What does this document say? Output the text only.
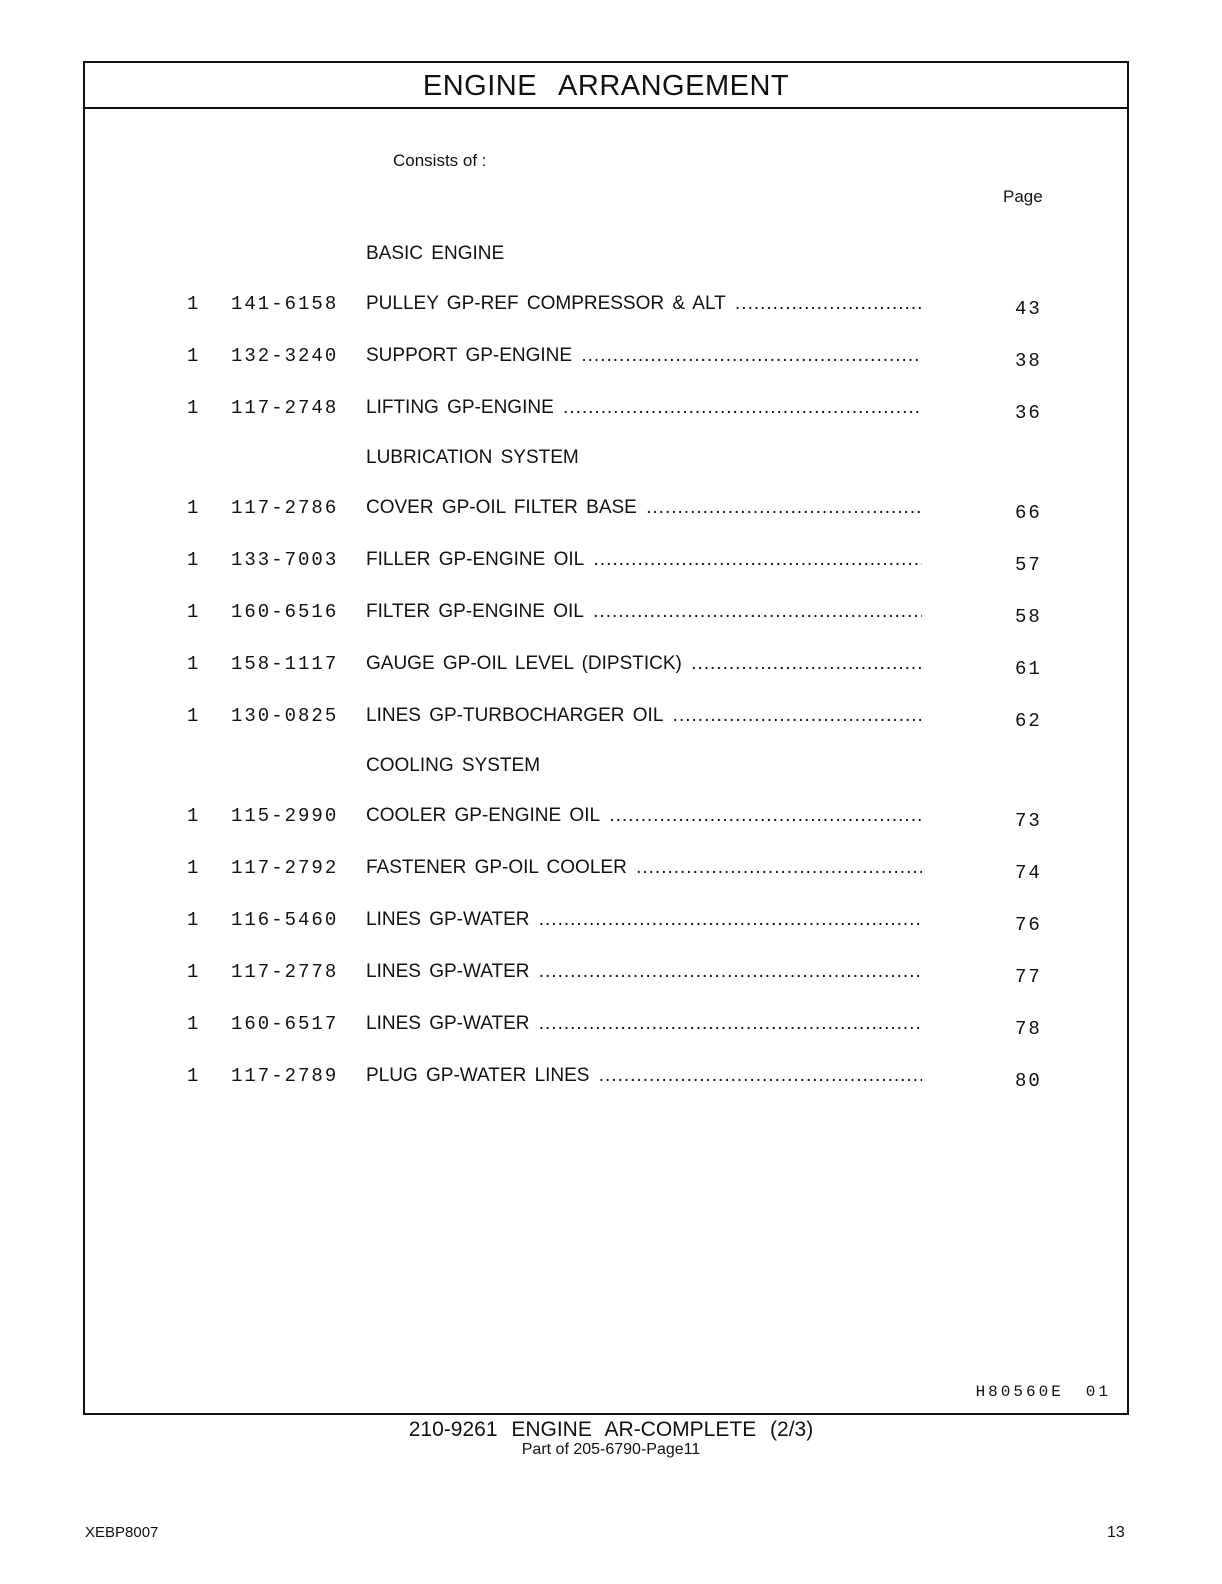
ENGINE ARRANGEMENT
Consists of :
Page
BASIC ENGINE
1 141-6158 PULLEY GP-REF COMPRESSOR & ALT .....	43
1 132-3240 SUPPORT GP-ENGINE .....	38
1 117-2748 LIFTING GP-ENGINE .....	36
LUBRICATION SYSTEM
1 117-2786 COVER GP-OIL FILTER BASE .....	66
1 133-7003 FILLER GP-ENGINE OIL .....	57
1 160-6516 FILTER GP-ENGINE OIL .....	58
1 158-1117 GAUGE GP-OIL LEVEL (DIPSTICK) .....	61
1 130-0825 LINES GP-TURBOCHARGER OIL .....	62
COOLING SYSTEM
1 115-2990 COOLER GP-ENGINE OIL .....	73
1 117-2792 FASTENER GP-OIL COOLER .....	74
1 116-5460 LINES GP-WATER .....	76
1 117-2778 LINES GP-WATER .....	77
1 160-6517 LINES GP-WATER .....	78
1 117-2789 PLUG GP-WATER LINES .....	80
H80560E 01
210-9261 ENGINE AR-COMPLETE (2/3)
Part of 205-6790-Page11
XEBP8007	13
